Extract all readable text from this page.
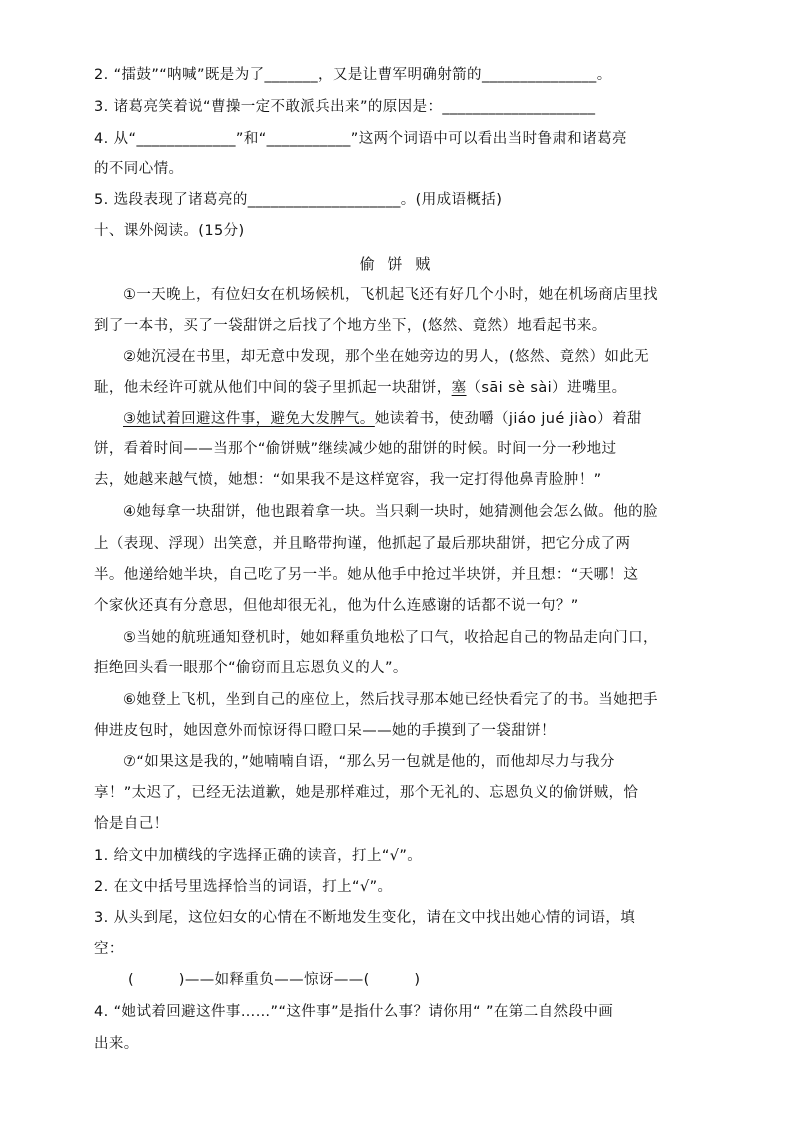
2. “擂鼓”“呐喊”既是为了_______，又是让曹军明确射箭的_______________。
3. 诸葛亮笑着说“曹操一定不敢派兵出来”的原因是：____________________
4. 从“_____________”和“___________”这两个词语中可以看出当时鲁肃和诸葛亮
的不同心情。
5. 选段表现了诸葛亮的____________________。(用成语概括)
十、课外阅读。(15分)
偷 饼 贼
①一天晚上，有位妇女在机场候机，飞机起飞还有好几个小时，她在机场商店里找
到了一本书，买了一袋甜饼之后找了个地方坐下，(悠然、竟然）地看起书来。
②她沉浸在书里，却无意中发现，那个坐在她旁边的男人，(悠然、竟然）如此无
耻，他未经许可就从他们中间的袋子里抓起一块甜饼，塞（sāi sè sài）进嘴里。
③她试着回避这件事，避免大发脾气。她读着书，使劲嚼（jiáo jué jiào）着甜
饼，看着时间——当那个“偷饼贼”继续减少她的甜饼的时候。时间一分一秒地过
去，她越来越气愤，她想：“如果我不是这样宽容，我一定打得他鼻青脸肿！”
④她每拿一块甜饼，他也跟着拿一块。当只剩一块时，她猜测他会怎么做。他的脸
上（表现、浮现）出笑意，并且略带拘谨，他抓起了最后那块甜饼，把它分成了两
半。他递给她半块，自己吃了另一半。她从他手中抢过半块饼，并且想：“天哪！这
个家伙还真有分意思，但他却很无礼，他为什么连感谢的话都不说一句？”
⑤当她的航班通知登机时，她如释重负地松了口气，收拾起自己的物品走向门口，
拒绝回头看一眼那个“偷窃而且忘恩负义的人”。
⑥她登上飞机，坐到自己的座位上，然后找寻那本她已经快看完了的书。当她把手
伸进皮包时，她因意外而惊讶得口瞪口呆——她的手摸到了一袋甜饼！
⑦“如果这是我的，”她喃喃自语，“那么另一包就是他的，而他却尽力与我分
享！”太迟了，已经无法道歉，她是那样难过，那个无礼的、忘恩负义的偷饼贼，恰
恰是自己！
1. 给文中加横线的字选择正确的读音，打上“√”。
2. 在文中括号里选择恰当的词语，打上“√”。
3. 从头到尾，这位妇女的心情在不断地发生变化，请在文中找出她心情的词语，填
空：
(　　　)——如释重负——惊讶——(　　　)
4. “她试着回避这件事……”“这件事”是指什么事？请你用“ ”在第二自然段中画
出来。
